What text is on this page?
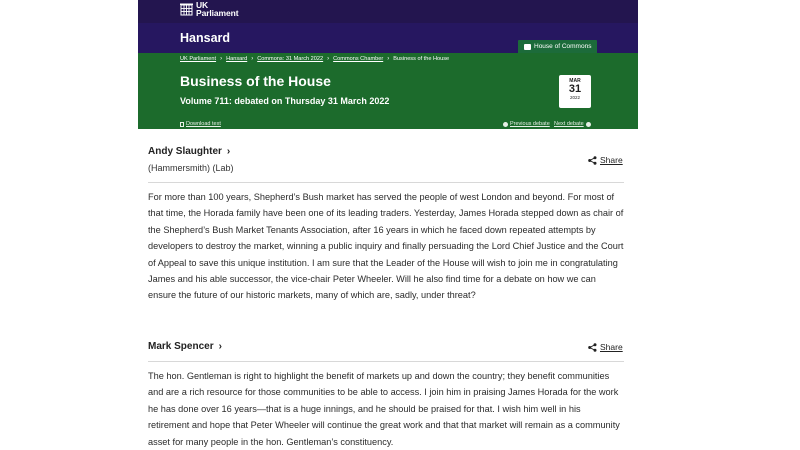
UK
Parliament
Hansard
House of Commons
UK Parliament › Hansard › Commons: 31 March 2022 › Commons Chamber › Business of the House
Business of the House
Volume 711: debated on Thursday 31 March 2022
MAR
31
2022
Download text	Previous debate Next debate
Andy Slaughter ›
(Hammersmith) (Lab)
Share
For more than 100 years, Shepherd’s Bush market has served the people of west London and beyond. For most of that time, the Horada family have been one of its leading traders. Yesterday, James Horada stepped down as chair of the Shepherd’s Bush Market Tenants Association, after 16 years in which he faced down repeated attempts by developers to destroy the market, winning a public inquiry and finally persuading the Lord Chief Justice and the Court of Appeal to save this unique institution. I am sure that the Leader of the House will wish to join me in congratulating James and his able successor, the vice-chair Peter Wheeler. Will he also find time for a debate on how we can ensure the future of our historic markets, many of which are, sadly, under threat?
Mark Spencer ›	Share
The hon. Gentleman is right to highlight the benefit of markets up and down the country; they benefit communities and are a rich resource for those communities to be able to access. I join him in praising James Horada for the work he has done over 16 years—that is a huge innings, and he should be praised for that. I wish him well in his retirement and hope that Peter Wheeler will continue the great work and that that market will remain as a community asset for many people in the hon. Gentleman’s constituency.
